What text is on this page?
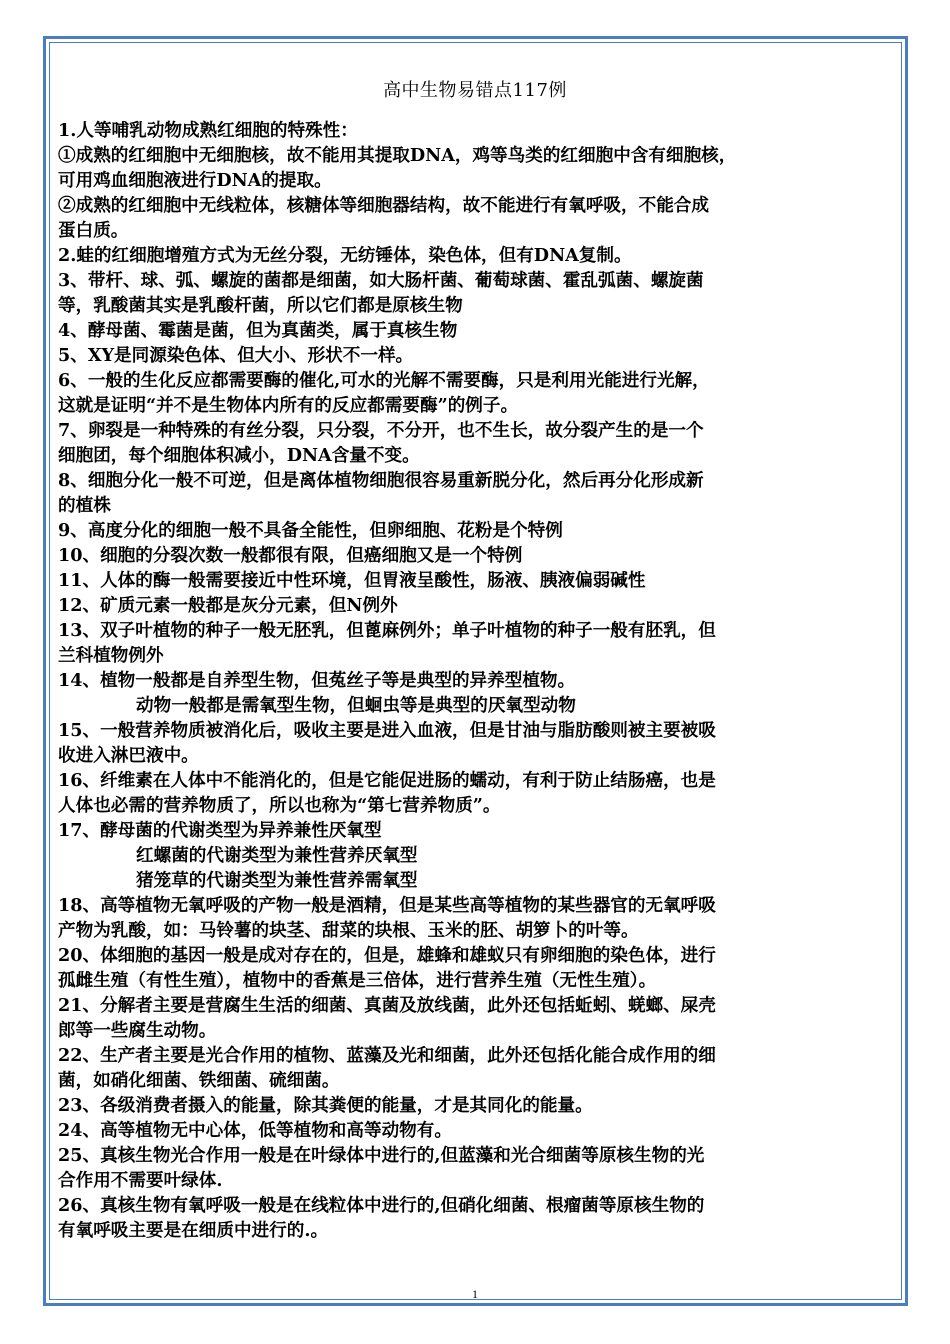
高中生物易错点117例
1.人等哺乳动物成熟红细胞的特殊性：
①成熟的红细胞中无细胞核，故不能用其提取DNA，鸡等鸟类的红细胞中含有细胞核，
可用鸡血细胞液进行DNA的提取。
②成熟的红细胞中无线粒体，核糖体等细胞器结构，故不能进行有氧呼吸，不能合成
蛋白质。
2.蛙的红细胞增殖方式为无丝分裂，无纺锤体，染色体，但有DNA复制。
3、带杆、球、弧、螺旋的菌都是细菌，如大肠杆菌、葡萄球菌、霍乱弧菌、螺旋菌
等，乳酸菌其实是乳酸杆菌，所以它们都是原核生物
4、酵母菌、霉菌是菌，但为真菌类，属于真核生物
5、XY是同源染色体、但大小、形状不一样。
6、一般的生化反应都需要酶的催化,可水的光解不需要酶，只是利用光能进行光解，
这就是证明“并不是生物体内所有的反应都需要酶”的例子。
7、卵裂是一种特殊的有丝分裂，只分裂，不分开，也不生长，故分裂产生的是一个
细胞团，每个细胞体积减小，DNA含量不变。
8、细胞分化一般不可逆，但是离体植物细胞很容易重新脱分化，然后再分化形成新
的植株
9、高度分化的细胞一般不具备全能性，但卵细胞、花粉是个特例
10、细胞的分裂次数一般都很有限，但癌细胞又是一个特例
11、人体的酶一般需要接近中性环境，但胃液呈酸性，肠液、胰液偏弱碱性
12、矿质元素一般都是灰分元素，但N例外
13、双子叶植物的种子一般无胚乳，但蓖麻例外；单子叶植物的种子一般有胚乳，但
兰科植物例外
14、植物一般都是自养型生物，但菟丝子等是典型的异养型植物。
动物一般都是需氧型生物，但蛔虫等是典型的厌氧型动物
15、一般营养物质被消化后，吸收主要是进入血液，但是甘油与脂肪酸则被主要被吸
收进入淋巴液中。
16、纤维素在人体中不能消化的，但是它能促进肠的蠕动，有利于防止结肠癌，也是
人体也必需的营养物质了，所以也称为“第七营养物质”。
17、酵母菌的代谢类型为异养兼性厌氧型
红螺菌的代谢类型为兼性营养厌氧型
猪笼草的代谢类型为兼性营养需氧型
18、高等植物无氧呼吸的产物一般是酒精，但是某些高等植物的某些器官的无氧呼吸
产物为乳酸，如：马铃薯的块茎、甜菜的块根、玉米的胚、胡箩卜的叶等。
20、体细胞的基因一般是成对存在的，但是，雄蜂和雄蚁只有卵细胞的染色体，进行
孤雌生殖（有性生殖），植物中的香蕉是三倍体，进行营养生殖（无性生殖）。
21、分解者主要是营腐生生活的细菌、真菌及放线菌，此外还包括蚯蚓、蜣螂、屎壳
郎等一些腐生动物。
22、生产者主要是光合作用的植物、蓝藻及光和细菌，此外还包括化能合成作用的细
菌，如硝化细菌、铁细菌、硫细菌。
23、各级消费者摄入的能量，除其粪便的能量，才是其同化的能量。
24、高等植物无中心体，低等植物和高等动物有。
25、真核生物光合作用一般是在叶绿体中进行的,但蓝藻和光合细菌等原核生物的光
合作用不需要叶绿体.
26、真核生物有氧呼吸一般是在线粒体中进行的,但硝化细菌、根瘤菌等原核生物的
有氧呼吸主要是在细质中进行的.。
1
